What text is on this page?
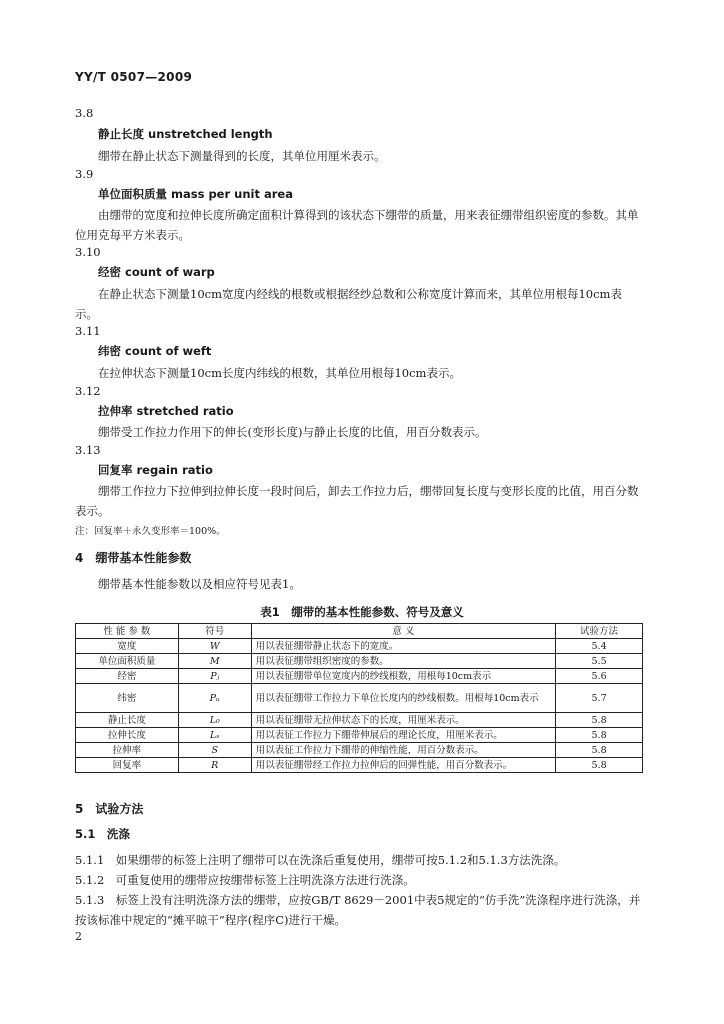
YY/T 0507—2009
3.8
静止长度 unstretched length
绷带在静止状态下测量得到的长度，其单位用厘米表示。
3.9
单位面积质量 mass per unit area
由绷带的宽度和拉伸长度所确定面积计算得到的该状态下绷带的质量，用来表征绷带组织密度的参数。其单位用克每平方米表示。
3.10
经密 count of warp
在静止状态下测量10cm宽度内经线的根数或根据经纱总数和公称宽度计算而来，其单位用根每10cm表示。
3.11
纬密 count of weft
在拉伸状态下测量10cm长度内纬线的根数，其单位用根每10cm表示。
3.12
拉伸率 stretched ratio
绷带受工作拉力作用下的伸长(变形长度)与静止长度的比值，用百分数表示。
3.13
回复率 regain ratio
绷带工作拉力下拉伸到拉伸长度一段时间后，卸去工作拉力后，绷带回复长度与变形长度的比值，用百分数表示。
注：回复率＋永久变形率＝100%。
4　绷带基本性能参数
绷带基本性能参数以及相应符号见表1。
表1　绷带的基本性能参数、符号及意义
性 能 参 数	符号	意 义	试验方法
宽度	W	用以表征绷带静止状态下的宽度。	5.4
单位面积质量	M	用以表征绷带组织密度的参数。	5.5
经密	Pⱼ	用以表征绷带单位宽度内的纱线根数，用根每10cm表示	5.6
纬密	Pᵤ	用以表征绷带工作拉力下单位长度内的纱线根数。用根每10cm表示	5.7
静止长度	L₀	用以表征绷带无拉伸状态下的长度，用厘米表示。	5.8
拉伸长度	Lₛ	用以表征工作拉力下绷带伸展后的理论长度，用厘米表示。	5.8
拉伸率	S	用以表征工作拉力下绷带的伸缩性能，用百分数表示。	5.8
回复率	R	用以表征绷带经工作拉力拉伸后的回弹性能，用百分数表示。	5.8
5　试验方法
5.1　洗涤
5.1.1　 如果绷带的标签上注明了绷带可以在洗涤后重复使用，绷带可按5.1.2和5.1.3方法洗涤。
5.1.2　 可重复使用的绷带应按绷带标签上注明洗涤方法进行洗涤。
5.1.3　 标签上没有注明洗涤方法的绷带，应按GB/T 8629－2001中表5规定的“仿手洗”洗涤程序进行洗涤，并按该标准中规定的“摊平晾干”程序(程序C)进行干燥。
2
